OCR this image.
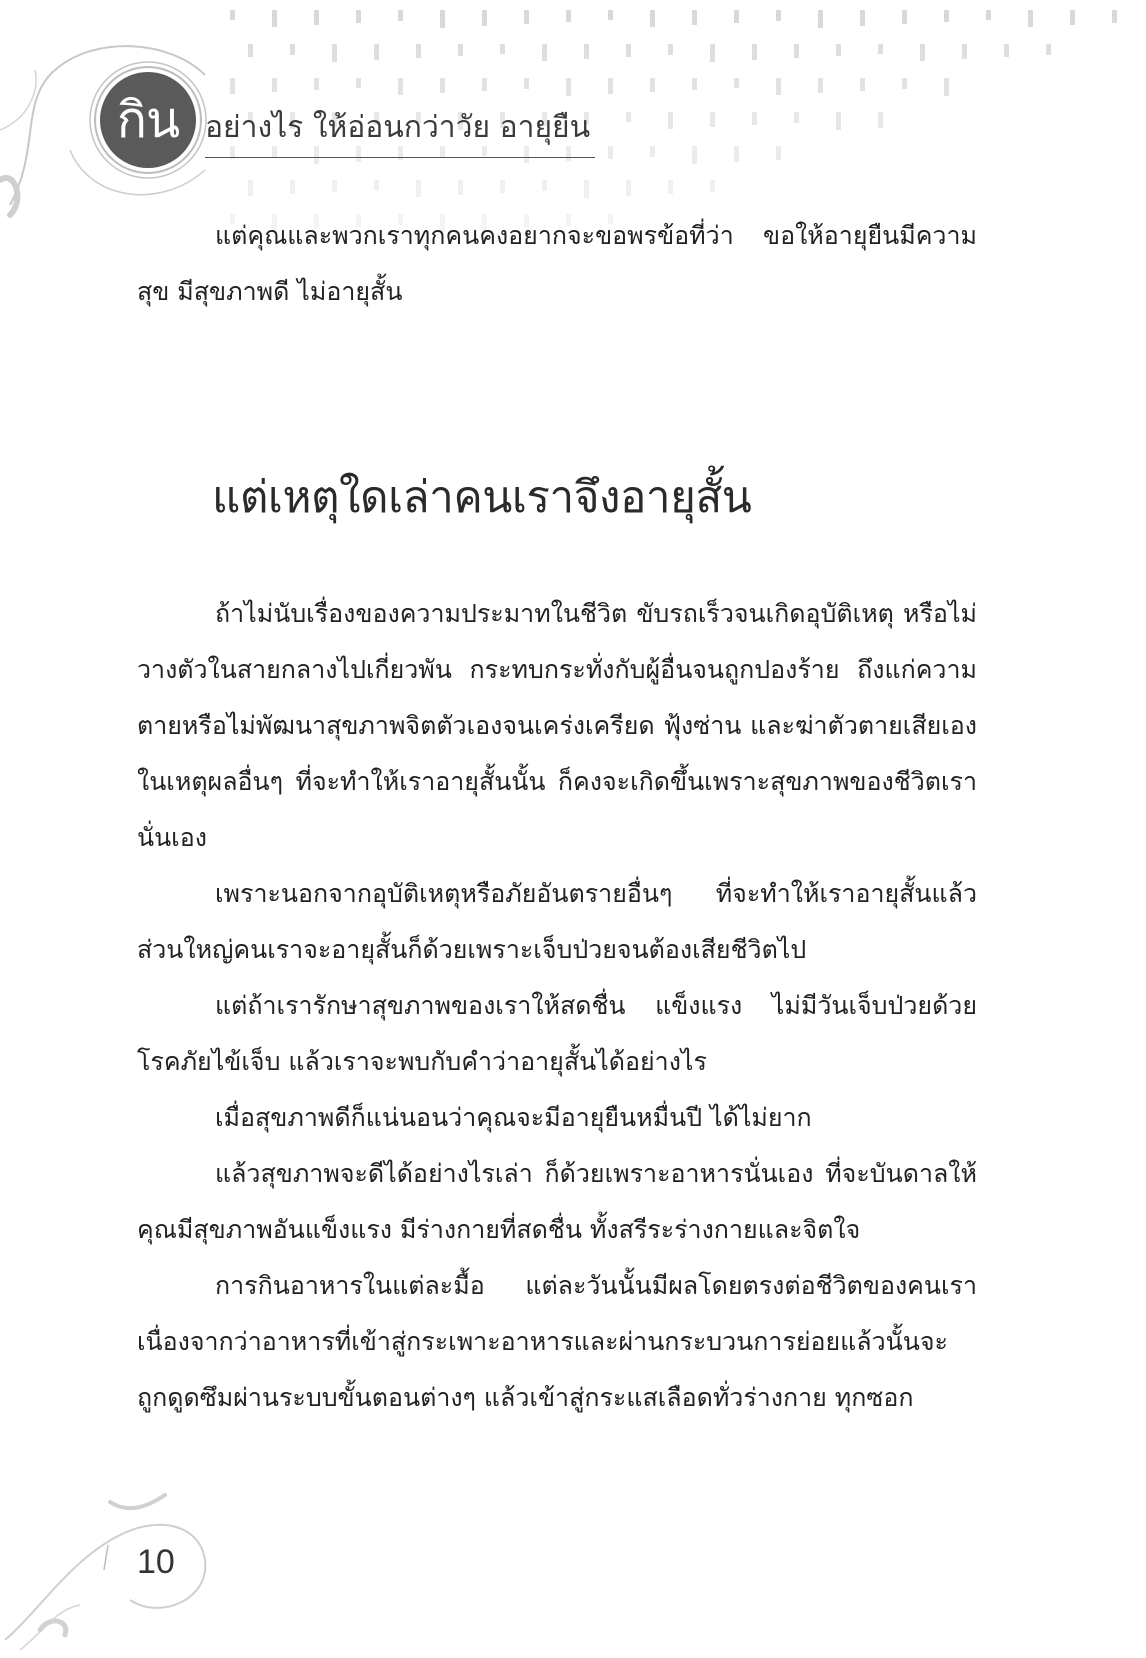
กิน อย่างไร ให้อ่อนกว่าวัย อายุยืน

แต่คุณและพวกเราทุกคนคงอยากจะขอพรข้อที่ว่า ขอให้อายุยืนมีความสุข มีสุขภาพดี ไม่อายุสั้น

แต่เหตุใดเล่าคนเราจึงอายุสั้น

ถ้าไม่นับเรื่องของความประมาทในชีวิต ขับรถเร็วจนเกิดอุบัติเหตุ หรือไม่วางตัวในสายกลางไปเกี่ยวพัน กระทบกระทั่งกับผู้อื่นจนถูกปองร้าย ถึงแก่ความตายหรือไม่พัฒนาสุขภาพจิตตัวเองจนเคร่งเครียด ฟุ้งซ่าน และฆ่าตัวตายเสียเอง ในเหตุผลอื่นๆ ที่จะทำให้เราอายุสั้นนั้น ก็คงจะเกิดขึ้นเพราะสุขภาพของชีวิตเรานั่นเอง

เพราะนอกจากอุบัติเหตุหรือภัยอันตรายอื่นๆ ที่จะทำให้เราอายุสั้นแล้ว ส่วนใหญ่คนเราจะอายุสั้นก็ด้วยเพราะเจ็บป่วยจนต้องเสียชีวิตไป

แต่ถ้าเรารักษาสุขภาพของเราให้สดชื่น แข็งแรง ไม่มีวันเจ็บป่วยด้วยโรคภัยไข้เจ็บ แล้วเราจะพบกับคำว่าอายุสั้นได้อย่างไร

เมื่อสุขภาพดีก็แน่นอนว่าคุณจะมีอายุยืนหมื่นปี ได้ไม่ยาก

แล้วสุขภาพจะดีได้อย่างไรเล่า ก็ด้วยเพราะอาหารนั่นเอง ที่จะบันดาลให้คุณมีสุขภาพอันแข็งแรง มีร่างกายที่สดชื่น ทั้งสรีระร่างกายและจิตใจ

การกินอาหารในแต่ละมื้อ แต่ละวันนั้นมีผลโดยตรงต่อชีวิตของคนเราเนื่องจากว่าอาหารที่เข้าสู่กระเพาะอาหารและผ่านกระบวนการย่อยแล้วนั้นจะถูกดูดซึมผ่านระบบขั้นตอนต่างๆ แล้วเข้าสู่กระแสเลือดทั่วร่างกาย ทุกซอก

10
